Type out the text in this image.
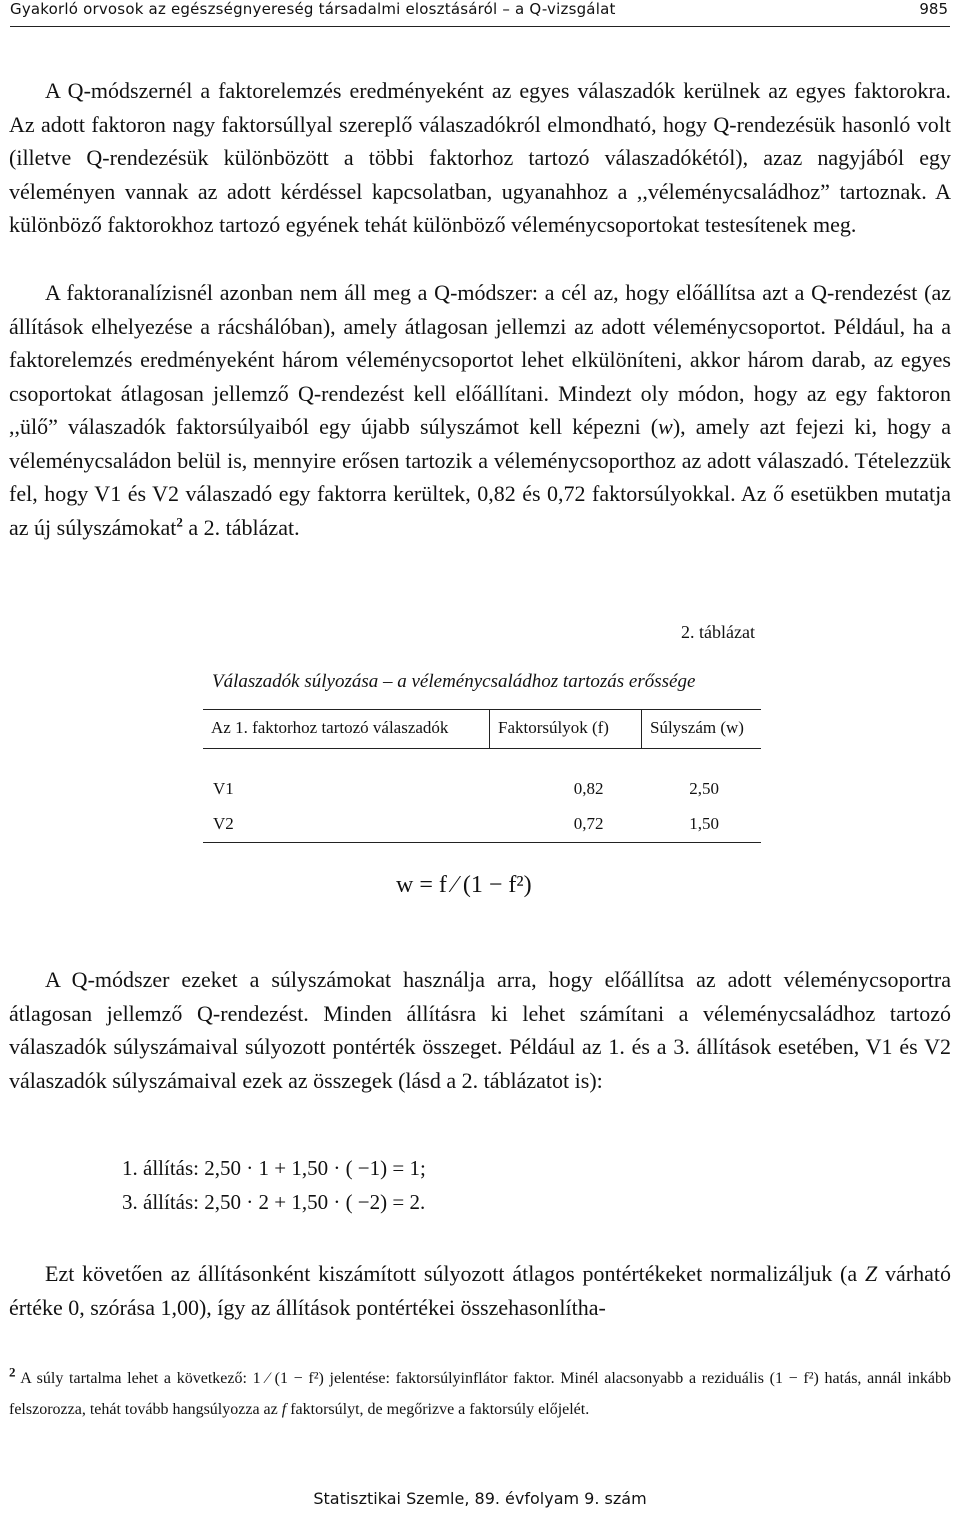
Gyakorló orvosok az egészségnyereség társadalmi elosztásáról – a Q-vizsgálat	985
A Q-módszernél a faktorelemzés eredményeként az egyes válaszadók kerülnek az egyes faktorokra. Az adott faktoron nagy faktorsúllyal szereplő válaszadókról elmondható, hogy Q-rendezésük hasonló volt (illetve Q-rendezésük különbözött a többi faktorhoz tartozó válaszadókétól), azaz nagyjából egy véleményen vannak az adott kérdéssel kapcsolatban, ugyanahhoz a ,,véleménycsaládhoz” tartoznak. A különböző faktorokhoz tartozó egyének tehát különböző véleménycsoportokat testesítenek meg.
A faktoranalízisnél azonban nem áll meg a Q-módszer: a cél az, hogy előállítsa azt a Q-rendezést (az állítások elhelyezése a rácshálóban), amely átlagosan jellemzi az adott véleménycsoportot. Például, ha a faktorelemzés eredményeként három véleménycsoportot lehet elkülöníteni, akkor három darab, az egyes csoportokat átlagosan jellemző Q-rendezést kell előállítani. Mindezt oly módon, hogy az egy faktoron ,,ülő” válaszadók faktorsúlyaiból egy újabb súlyszámot kell képezni (w), amely azt fejezi ki, hogy a véleménycsaládon belül is, mennyire erősen tartozik a véleménycsoporthoz az adott válaszadó. Tételezzük fel, hogy V1 és V2 válaszadó egy faktorra kerültek, 0,82 és 0,72 faktorsúlyokkal. Az ő esetükben mutatja az új súlyszámokat$^2$ a 2. táblázat.
2. táblázat
Válaszadók súlyozása – a véleménycsaládhoz tartozás erőssége
Az 1. faktorhoz tartozó válaszadók	Faktorsúlyok (f)	Súlyszám (w)

V1	0,82	2,50
V2	0,72	1,50
w = f ⁄ (1 − f²)
A Q-módszer ezeket a súlyszámokat használja arra, hogy előállítsa az adott véleménycsoportra átlagosan jellemző Q-rendezést. Minden állításra ki lehet számítani a véleménycsaládhoz tartozó válaszadók súlyszámaival súlyozott pontérték összeget. Például az 1. és a 3. állítások esetében, V1 és V2 válaszadók súlyszámaival ezek az összegek (lásd a 2. táblázatot is):
1. állítás: 2,50 · 1 + 1,50 · ( −1) = 1;
3. állítás: 2,50 · 2 + 1,50 · ( −2) = 2.
Ezt követően az állításonként kiszámított súlyozott átlagos pontértékeket normalizáljuk (a Z várható értéke 0, szórása 1,00), így az állítások pontértékei összehasonlítha-
$^2$ A súly tartalma lehet a következő: 1 ⁄ (1 − f²) jelentése: faktorsúlyinflátor faktor. Minél alacsonyabb a reziduális (1 − f²) hatás, annál inkább felszorozza, tehát tovább hangsúlyozza az f faktorsúlyt, de megőrizve a faktorsúly előjelét.
Statisztikai Szemle, 89. évfolyam 9. szám
